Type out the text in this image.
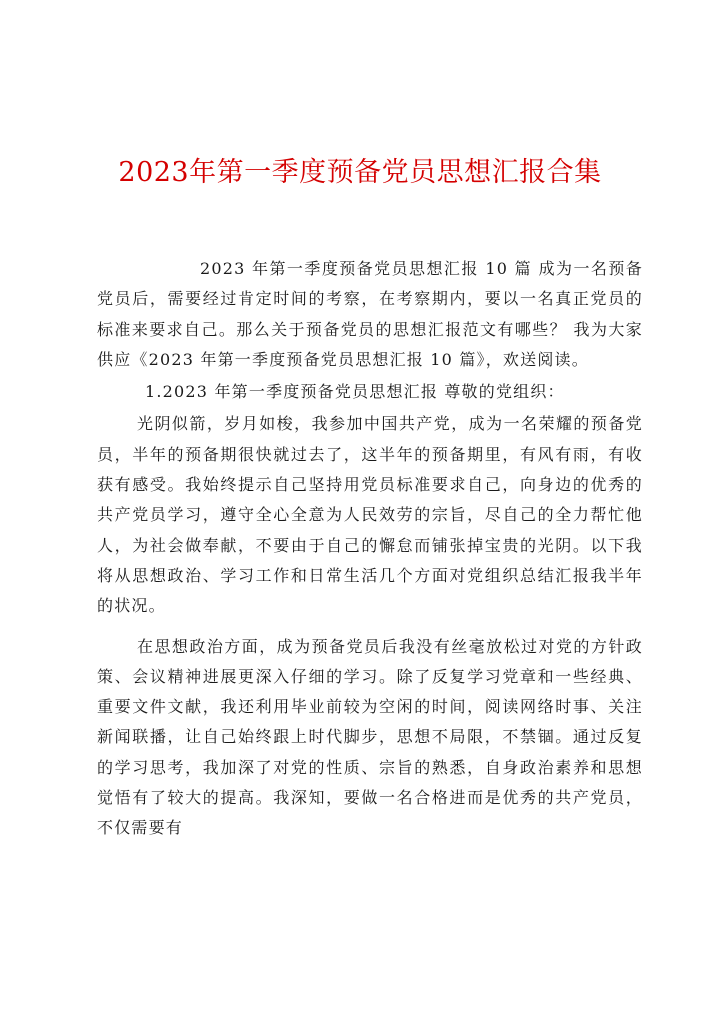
2023年第一季度预备党员思想汇报合集

2023 年第一季度预备党员思想汇报 10 篇 成为一名预备党员后，需要经过肯定时间的考察，在考察期内，要以一名真正党员的标准来要求自己。那么关于预备党员的思想汇报范文有哪些？ 我为大家供应《2023 年第一季度预备党员思想汇报 10 篇》，欢送阅读。

1.2023 年第一季度预备党员思想汇报 尊敬的党组织：

光阴似箭，岁月如梭，我参加中国共产党，成为一名荣耀的预备党员，半年的预备期很快就过去了，这半年的预备期里，有风有雨，有收获有感受。我始终提示自己坚持用党员标准要求自己，向身边的优秀的共产党员学习，遵守全心全意为人民效劳的宗旨，尽自己的全力帮忙他人，为社会做奉献，不要由于自己的懈怠而铺张掉宝贵的光阴。以下我将从思想政治、学习工作和日常生活几个方面对党组织总结汇报我半年的状况。

在思想政治方面，成为预备党员后我没有丝毫放松过对党的方针政策、会议精神进展更深入仔细的学习。除了反复学习党章和一些经典、重要文件文献，我还利用毕业前较为空闲的时间，阅读网络时事、关注新闻联播，让自己始终跟上时代脚步，思想不局限，不禁锢。通过反复的学习思考，我加深了对党的性质、宗旨的熟悉，自身政治素养和思想觉悟有了较大的提高。我深知，要做一名合格进而是优秀的共产党员，不仅需要有
